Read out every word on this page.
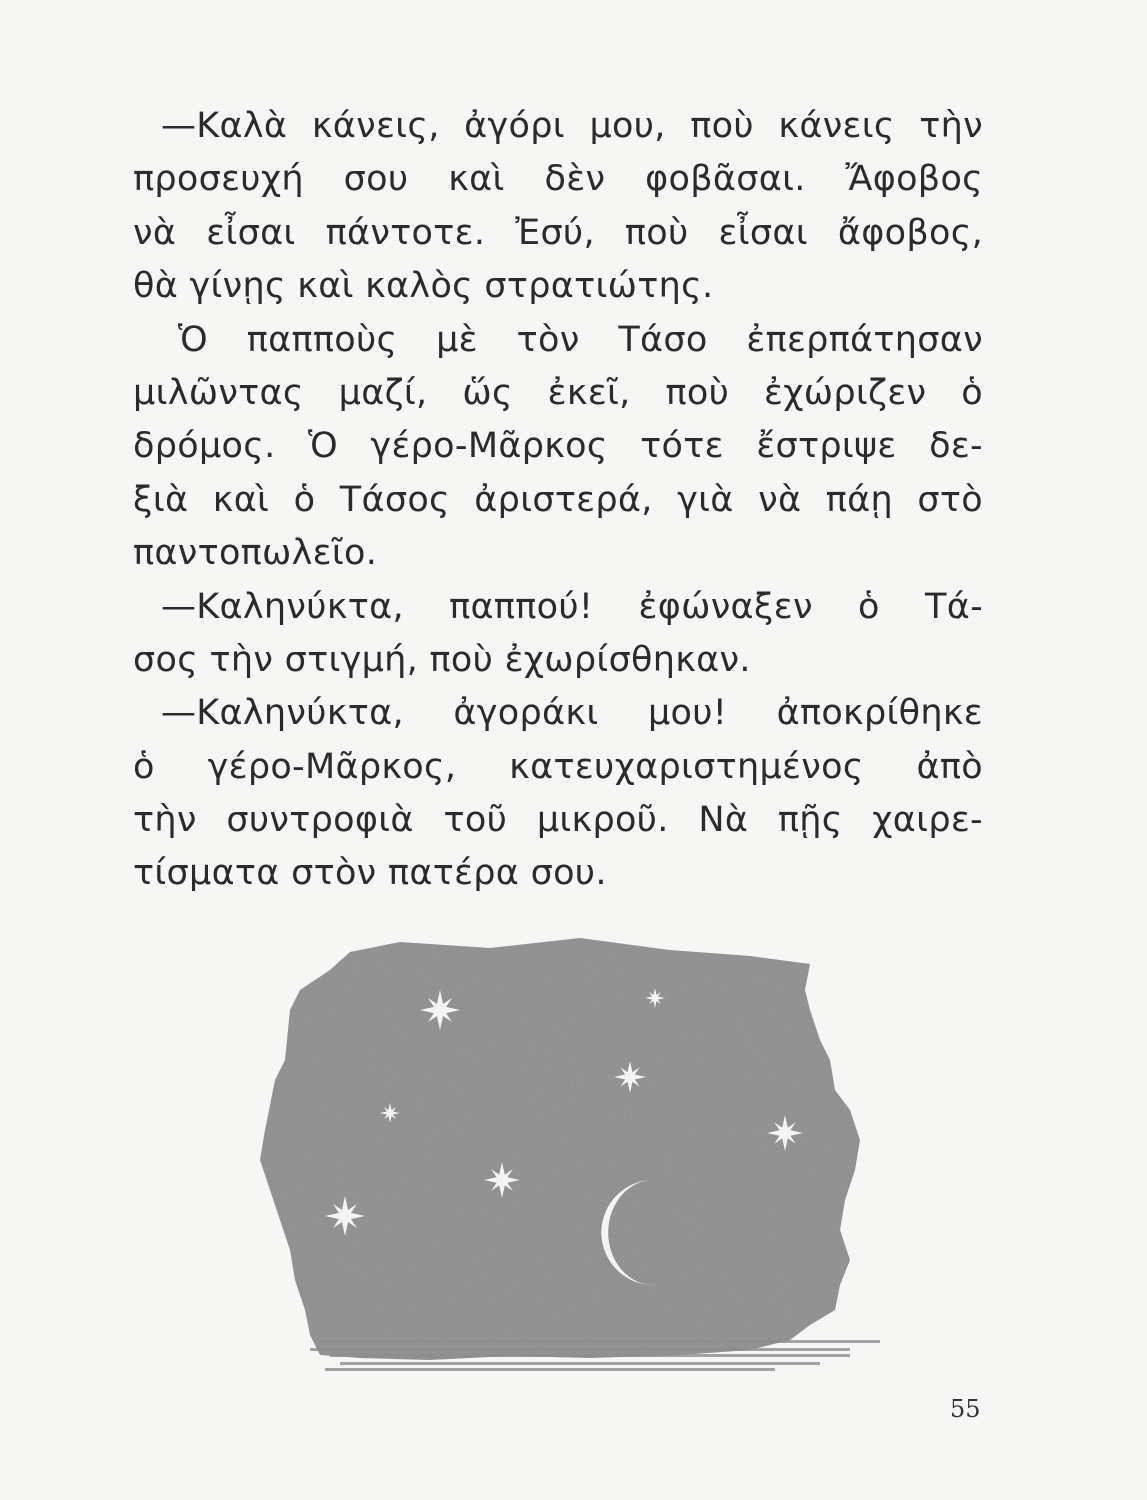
—Καλὰ κάνεις, ἀγόρι μου, ποὺ κάνεις τὴν
προσευχή σου καὶ δὲν φοβᾶσαι. Ἄφοβος
νὰ εἶσαι πάντοτε. Ἐσύ, ποὺ εἶσαι ἄφοβος,
θὰ γίνῃς καὶ καλὸς στρατιώτης.
Ὁ παπποὺς μὲ τὸν Τάσο ἐπερπάτησαν
μιλῶντας μαζί, ὥς ἐκεῖ, ποὺ ἐχώριζεν ὁ
δρόμος. Ὁ γέρο-Μᾶρκος τότε ἔστριψε δε-
ξιὰ καὶ ὁ Τάσος ἀριστερά, γιὰ νὰ πάῃ στὸ
παντοπωλεῖο.
—Καληνύκτα, παππού! ἐφώναξεν ὁ Τά-
σος τὴν στιγμή, ποὺ ἐχωρίσθηκαν.
—Καληνύκτα, ἀγοράκι μου! ἀποκρίθηκε
ὁ γέρο-Μᾶρκος, κατευχαριστημένος ἀπὸ
τὴν συντροφιὰ τοῦ μικροῦ. Νὰ πῇς χαιρε-
τίσματα στὸν πατέρα σου.
55
